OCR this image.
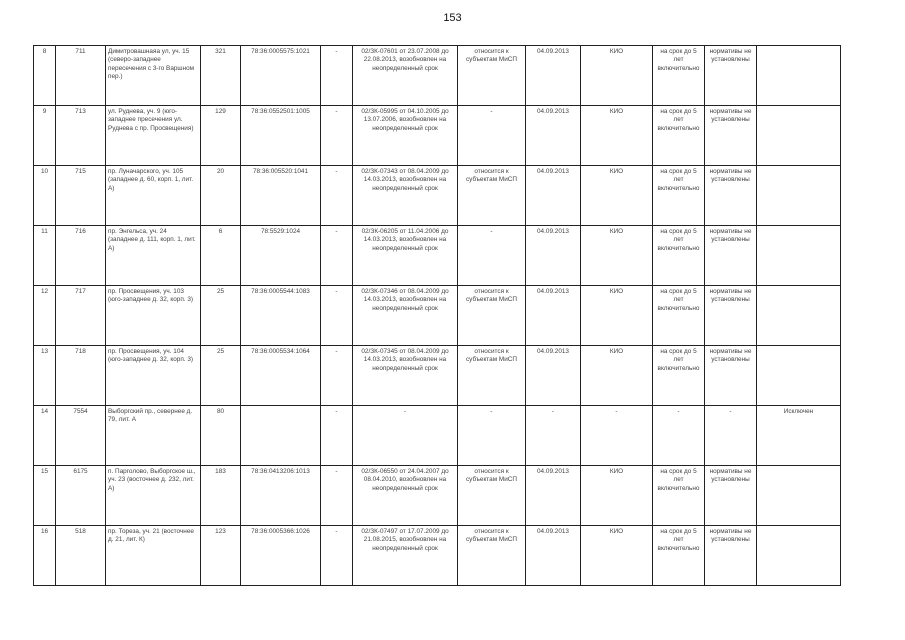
153
8	711	Димитровашнаяа ул, уч. 15 (северо-западнее пересечения с 3-го Варшном пер.)	321	78:36:0005575:1021	-	02/ЗК-07601 от 23.07.2008 до 22.08.2013, возобновлен на неопределенный срок	относится к субъектам МиСП	04.09.2013	КИО	на срок до 5 лет включительно	нормативы не установлены	
9	713	ул. Руднева, уч. 9 (юго-западнее пресечения ул. Руднева с пр. Просвещения)	129	78:36:0552501:1005	-	02/ЗК-05995 от 04.10.2005 до 13.07.2006, возобновлен на неопределенный срок	-	04.09.2013	КИО	на срок до 5 лет включительно	нормативы не установлены	
10	715	пр. Луначарского, уч. 105 (западнее д. 60, корп. 1, лит. А)	20	78:36:005520:1041	-	02/ЗК-07343 от 08.04.2009 до 14.03.2013, возобновлен на неопределенный срок	относится к субъектам МиСП	04.09.2013	КИО	на срок до 5 лет включительно	нормативы не установлены	
11	716	пр. Энгельса, уч. 24 (западнее д. 111, корп. 1, лит. А)	6	78:5529:1024	-	02/ЗК-06205 от 11.04.2006 до 14.03.2013, возобновлен на неопределенный срок	-	04.09.2013	КИО	на срок до 5 лет включительно	нормативы не установлены	
12	717	пр. Просвещения, уч. 103 (юго-западнее д. 32, корп. 3)	25	78:36:0005544:1083	-	02/ЗК-07346 от 08.04.2009 до 14.03.2013, возобновлен на неопределенный срок	относится к субъектам МиСП	04.09.2013	КИО	на срок до 5 лет включительно	нормативы не установлены	
13	718	пр. Просвещения, уч. 104 (юго-западнее д. 32, корп. 3)	25	78:36:0005534:1064	-	02/ЗК-07345 от 08.04.2009 до 14.03.2013, возобновлен на неопределенный срок	относится к субъектам МиСП	04.09.2013	КИО	на срок до 5 лет включительно	нормативы не установлены	
14	7554	Выборгский пр., севернее д. 79, лит. А	80		-	-	-	-	-	-	-	Исключен
15	6175	п. Парголово, Выборгское ш., уч. 23 (восточнее д. 232, лит. А)	183	78:36:0413206:1013	-	02/ЗК-06550 от 24.04.2007 до 08.04.2010, возобновлен на неопределенный срок	относится к субъектам МиСП	04.09.2013	КИО	на срок до 5 лет включительно	нормативы не установлены	
16	518	пр. Тореза, уч. 21 (восточнее д. 21, лит. К)	123	78:36:0005366:1026	-	02/ЗК-07497 от 17.07.2009 до 21.08.2015, возобновлен на неопределенный срок	относится к субъектам МиСП	04.09.2013	КИО	на срок до 5 лет включительно	нормативы не установлены	
